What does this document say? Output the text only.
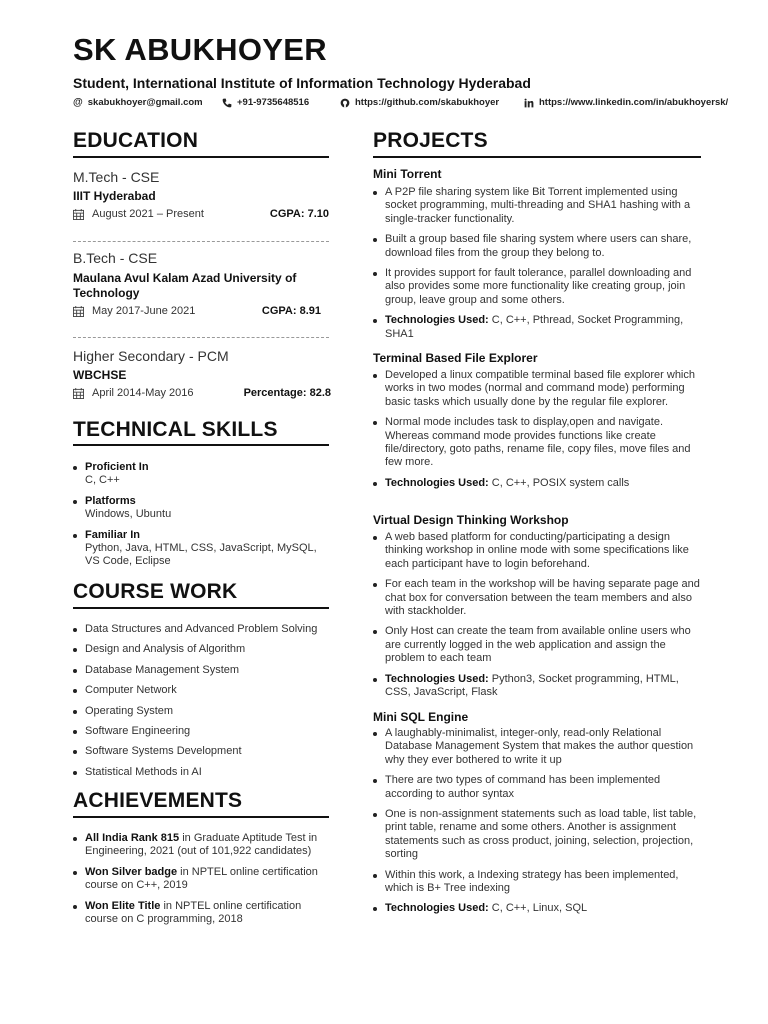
SK ABUKHOYER
Student, International Institute of Information Technology Hyderabad
@ skabukhoyer@gmail.com	+91-9735648516	https://github.com/skabukhoyer	https://www.linkedin.com/in/abukhoyersk/
EDUCATION
M.Tech - CSE
IIIT Hyderabad
August 2021 – Present	CGPA: 7.10
B.Tech - CSE
Maulana Avul Kalam Azad University of Technology
May 2017-June 2021	CGPA: 8.91
Higher Secondary - PCM
WBCHSE
April 2014-May 2016	Percentage: 82.8
TECHNICAL SKILLS
Proficient In
C, C++
Platforms
Windows, Ubuntu
Familiar In
Python, Java, HTML, CSS, JavaScript, MySQL, VS Code, Eclipse
COURSE WORK
Data Structures and Advanced Problem Solving
Design and Analysis of Algorithm
Database Management System
Computer Network
Operating System
Software Engineering
Software Systems Development
Statistical Methods in AI
ACHIEVEMENTS
All India Rank 815 in Graduate Aptitude Test in Engineering, 2021 (out of 101,922 candidates)
Won Silver badge in NPTEL online certification course on C++, 2019
Won Elite Title in NPTEL online certification course on C programming, 2018
PROJECTS
Mini Torrent
A P2P file sharing system like Bit Torrent implemented using socket programming, multi-threading and SHA1 hashing with a single-tracker functionality.
Built a group based file sharing system where users can share, download files from the group they belong to.
It provides support for fault tolerance, parallel downloading and also provides some more functionality like creating group, join group, leave group and some others.
Technologies Used: C, C++, Pthread, Socket Programming, SHA1
Terminal Based File Explorer
Developed a linux compatible terminal based file explorer which works in two modes (normal and command mode) performing basic tasks which usually done by the regular file explorer.
Normal mode includes task to display,open and navigate. Whereas command mode provides functions like create file/directory, goto paths, rename file, copy files, move files and few more.
Technologies Used: C, C++, POSIX system calls
Virtual Design Thinking Workshop
A web based platform for conducting/participating a design thinking workshop in online mode with some specifications like each participant have to login beforehand.
For each team in the workshop will be having separate page and chat box for conversation between the team members and also with stackholder.
Only Host can create the team from available online users who are currently logged in the web application and assign the problem to each team
Technologies Used: Python3, Socket programming, HTML, CSS, JavaScript, Flask
Mini SQL Engine
A laughably-minimalist, integer-only, read-only Relational Database Management System that makes the author question why they ever bothered to write it up
There are two types of command has been implemented according to author syntax
One is non-assignment statements such as load table, list table, print table, rename and some others. Another is assignment statements such as cross product, joining, selection, projection, sorting
Within this work, a Indexing strategy has been implemented, which is B+ Tree indexing
Technologies Used: C, C++, Linux, SQL
